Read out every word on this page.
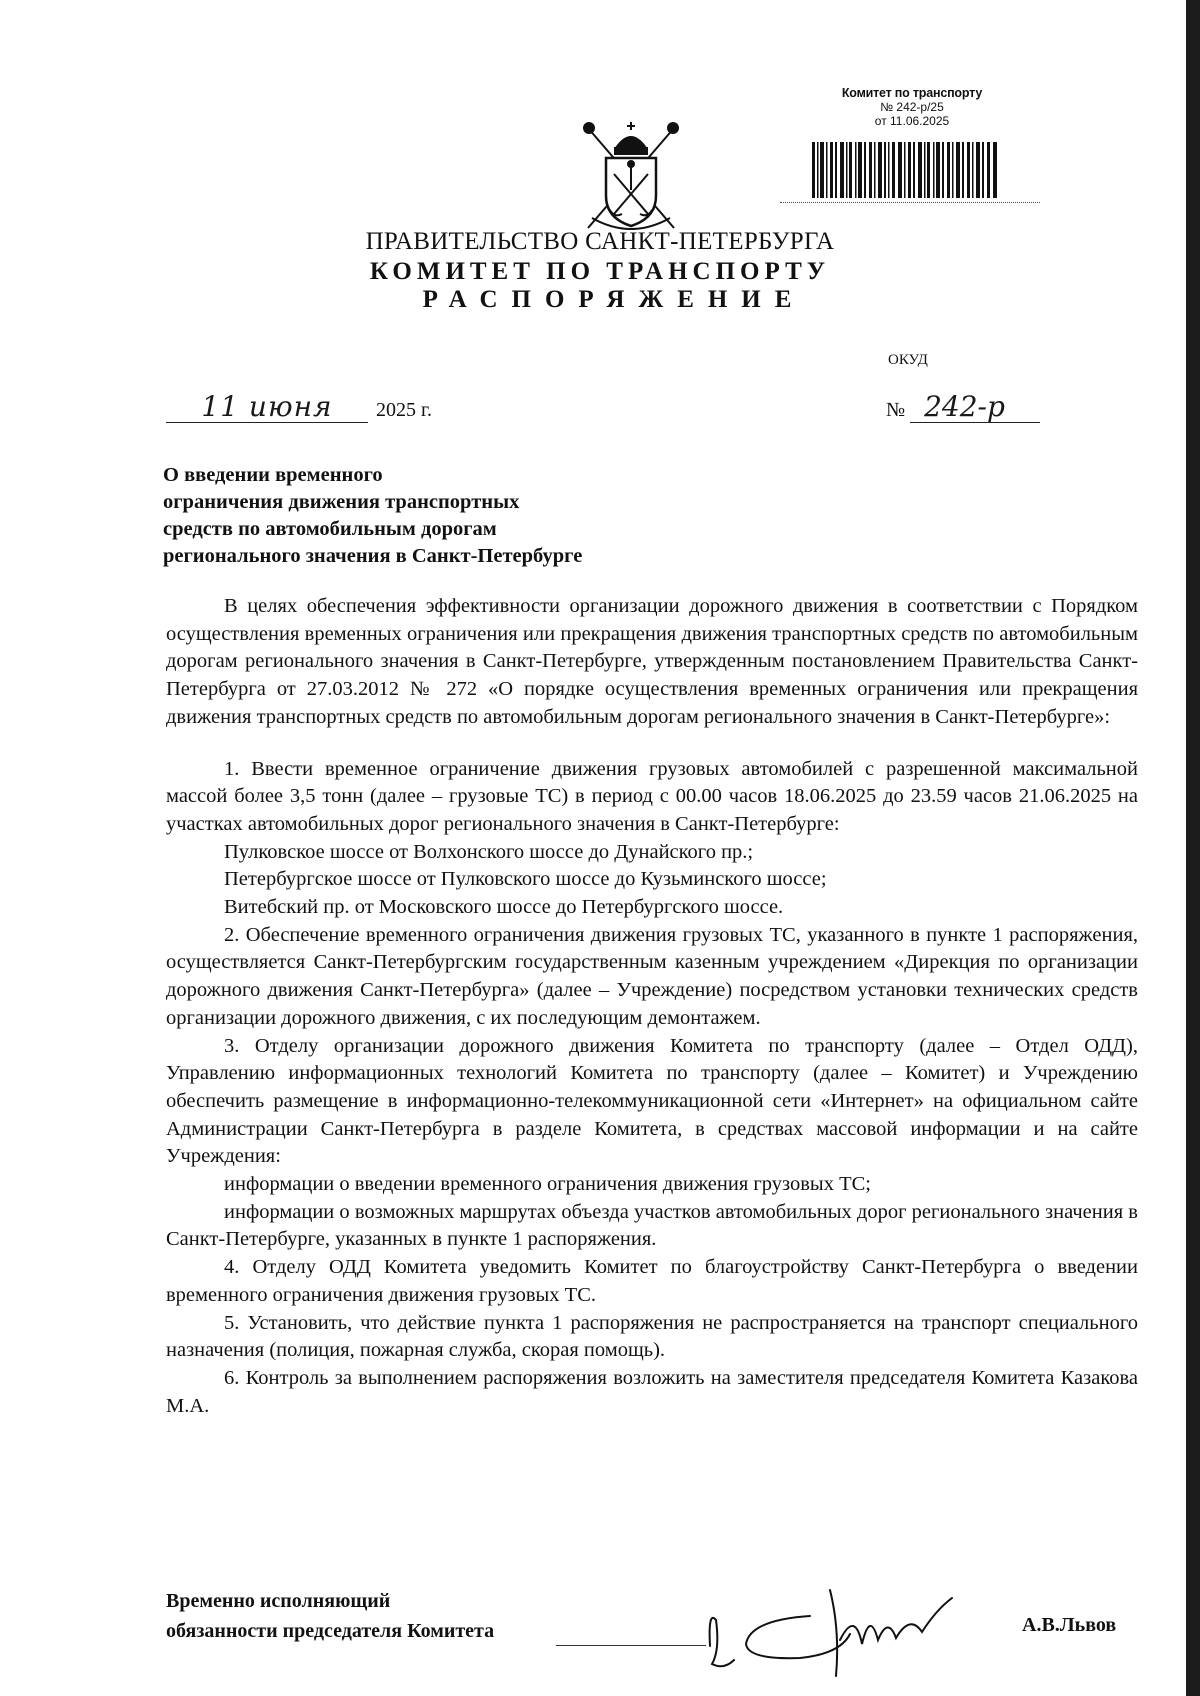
Комитет по транспорту
№ 242-р/25
от 11.06.2025
ПРАВИТЕЛЬСТВО САНКТ-ПЕТЕРБУРГА
КОМИТЕТ ПО ТРАНСПОРТУ
РАСПОРЯЖЕНИЕ
ОКУД
11 июня 2025 г.	№ 242-р
О введении временного
ограничения движения транспортных
средств по автомобильным дорогам
регионального значения в Санкт-Петербурге

В целях обеспечения эффективности организации дорожного движения в соответствии с Порядком осуществления временных ограничения или прекращения движения транспортных средств по автомобильным дорогам регионального значения в Санкт-Петербурге, утвержденным постановлением Правительства Санкт-Петербурга от 27.03.2012 № 272 «О порядке осуществления временных ограничения или прекращения движения транспортных средств по автомобильным дорогам регионального значения в Санкт-Петербурге»:

1. Ввести временное ограничение движения грузовых автомобилей с разрешенной максимальной массой более 3,5 тонн (далее – грузовые ТС) в период с 00.00 часов 18.06.2025 до 23.59 часов 21.06.2025 на участках автомобильных дорог регионального значения в Санкт-Петербурге:

Пулковское шоссе от Волхонского шоссе до Дунайского пр.;

Петербургское шоссе от Пулковского шоссе до Кузьминского шоссе;

Витебский пр. от Московского шоссе до Петербургского шоссе.

2. Обеспечение временного ограничения движения грузовых ТС, указанного в пункте 1 распоряжения, осуществляется Санкт-Петербургским государственным казенным учреждением «Дирекция по организации дорожного движения Санкт-Петербурга» (далее – Учреждение) посредством установки технических средств организации дорожного движения, с их последующим демонтажем.

3. Отделу организации дорожного движения Комитета по транспорту (далее – Отдел ОДД), Управлению информационных технологий Комитета по транспорту (далее – Комитет) и Учреждению обеспечить размещение в информационно-телекоммуникационной сети «Интернет» на официальном сайте Администрации Санкт-Петербурга в разделе Комитета, в средствах массовой информации и на сайте Учреждения:

информации о введении временного ограничения движения грузовых ТС;

информации о возможных маршрутах объезда участков автомобильных дорог регионального значения в Санкт-Петербурге, указанных в пункте 1 распоряжения.

4. Отделу ОДД Комитета уведомить Комитет по благоустройству Санкт-Петербурга о введении временного ограничения движения грузовых ТС.

5. Установить, что действие пункта 1 распоряжения не распространяется на транспорт специального назначения (полиция, пожарная служба, скорая помощь).

6. Контроль за выполнением распоряжения возложить на заместителя председателя Комитета Казакова М.А.

Временно исполняющий
обязанности председателя Комитета	А.В.Львов
